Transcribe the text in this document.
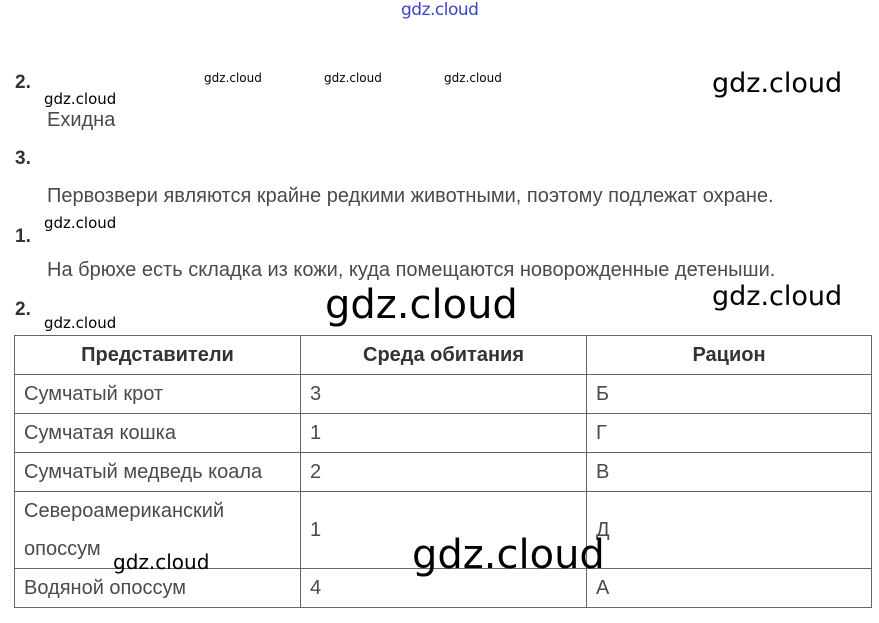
gdz.cloud
gdz.cloud	gdz.cloud	gdz.cloud	gdz.cloud
gdz.cloud
gdz.cloud
gdz.cloud	gdz.cloud
gdz.cloud
2.
Ехидна
3.
Первозвери являются крайне редкими животными, поэтому подлежат охране.
1.
На брюхе есть складка из кожи, куда помещаются новорожденные детеныши.
2.
Представители	Среда обитания	Рацион
Сумчатый крот	3	Б
Сумчатая кошка	1	Г
Сумчатый медведь коала	2	В
Североамериканский опоссум	1	Д
Водяной опоссум	4	А
gdz.cloud	gdz.cloud
